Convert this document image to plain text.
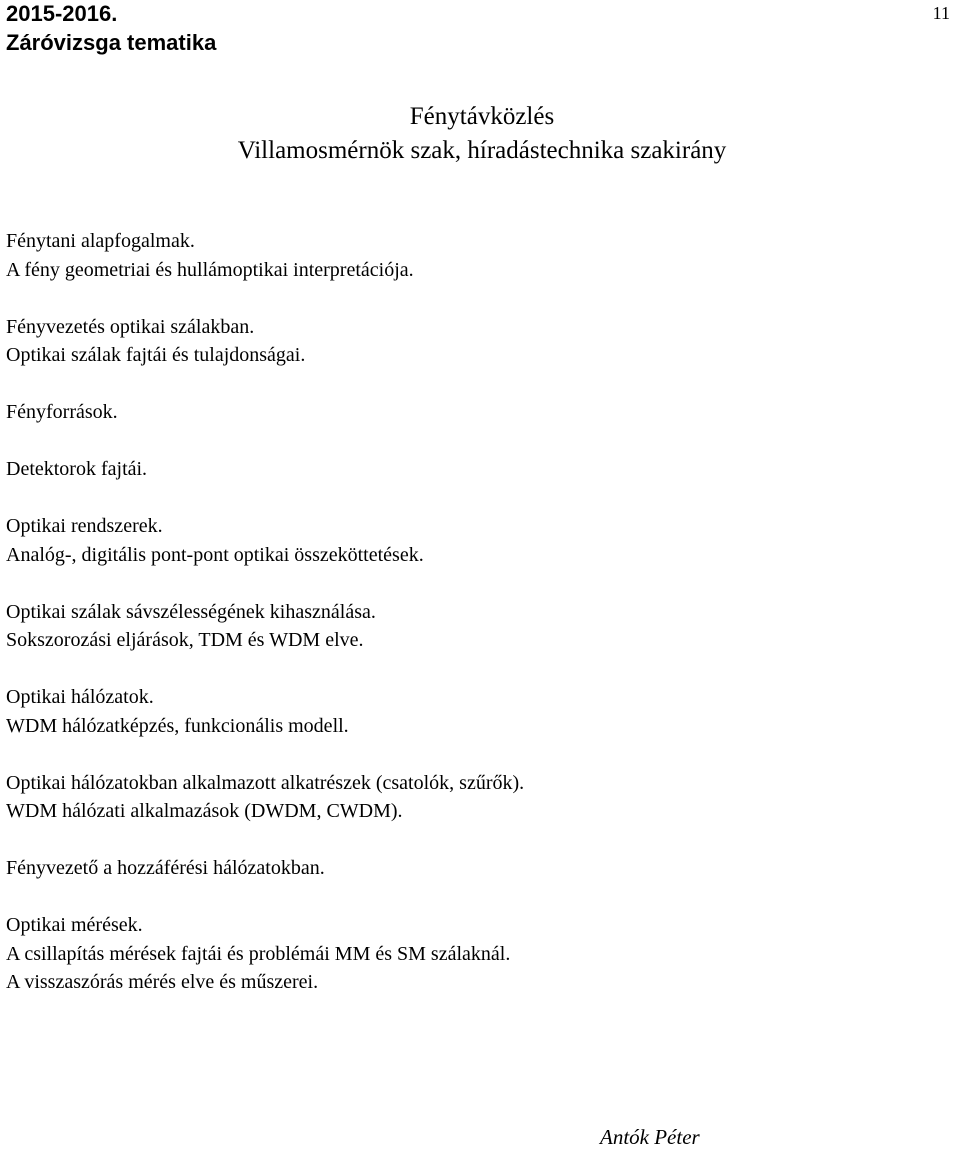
2015-2016.
Záróvizsga tematika
11
Fénytávközlés
Villamosmérnök szak, híradástechnika szakirány
Fénytani alapfogalmak.
A fény geometriai és hullámoptikai interpretációja.
Fényvezetés optikai szálakban.
Optikai szálak fajtái és tulajdonságai.
Fényforrások.
Detektorok fajtái.
Optikai rendszerek.
Analóg-, digitális pont-pont optikai összeköttetések.
Optikai szálak sávszélességének kihasználása.
Sokszorozási eljárások, TDM és WDM elve.
Optikai hálózatok.
WDM hálózatképzés, funkcionális modell.
Optikai hálózatokban alkalmazott alkatrészek (csatolók, szűrők).
WDM hálózati alkalmazások (DWDM, CWDM).
Fényvezető a hozzáférési hálózatokban.
Optikai mérések.
A csillapítás mérések fajtái és problémái MM és SM szálaknál.
A visszaszórás mérés elve és műszerei.
Antók Péter
